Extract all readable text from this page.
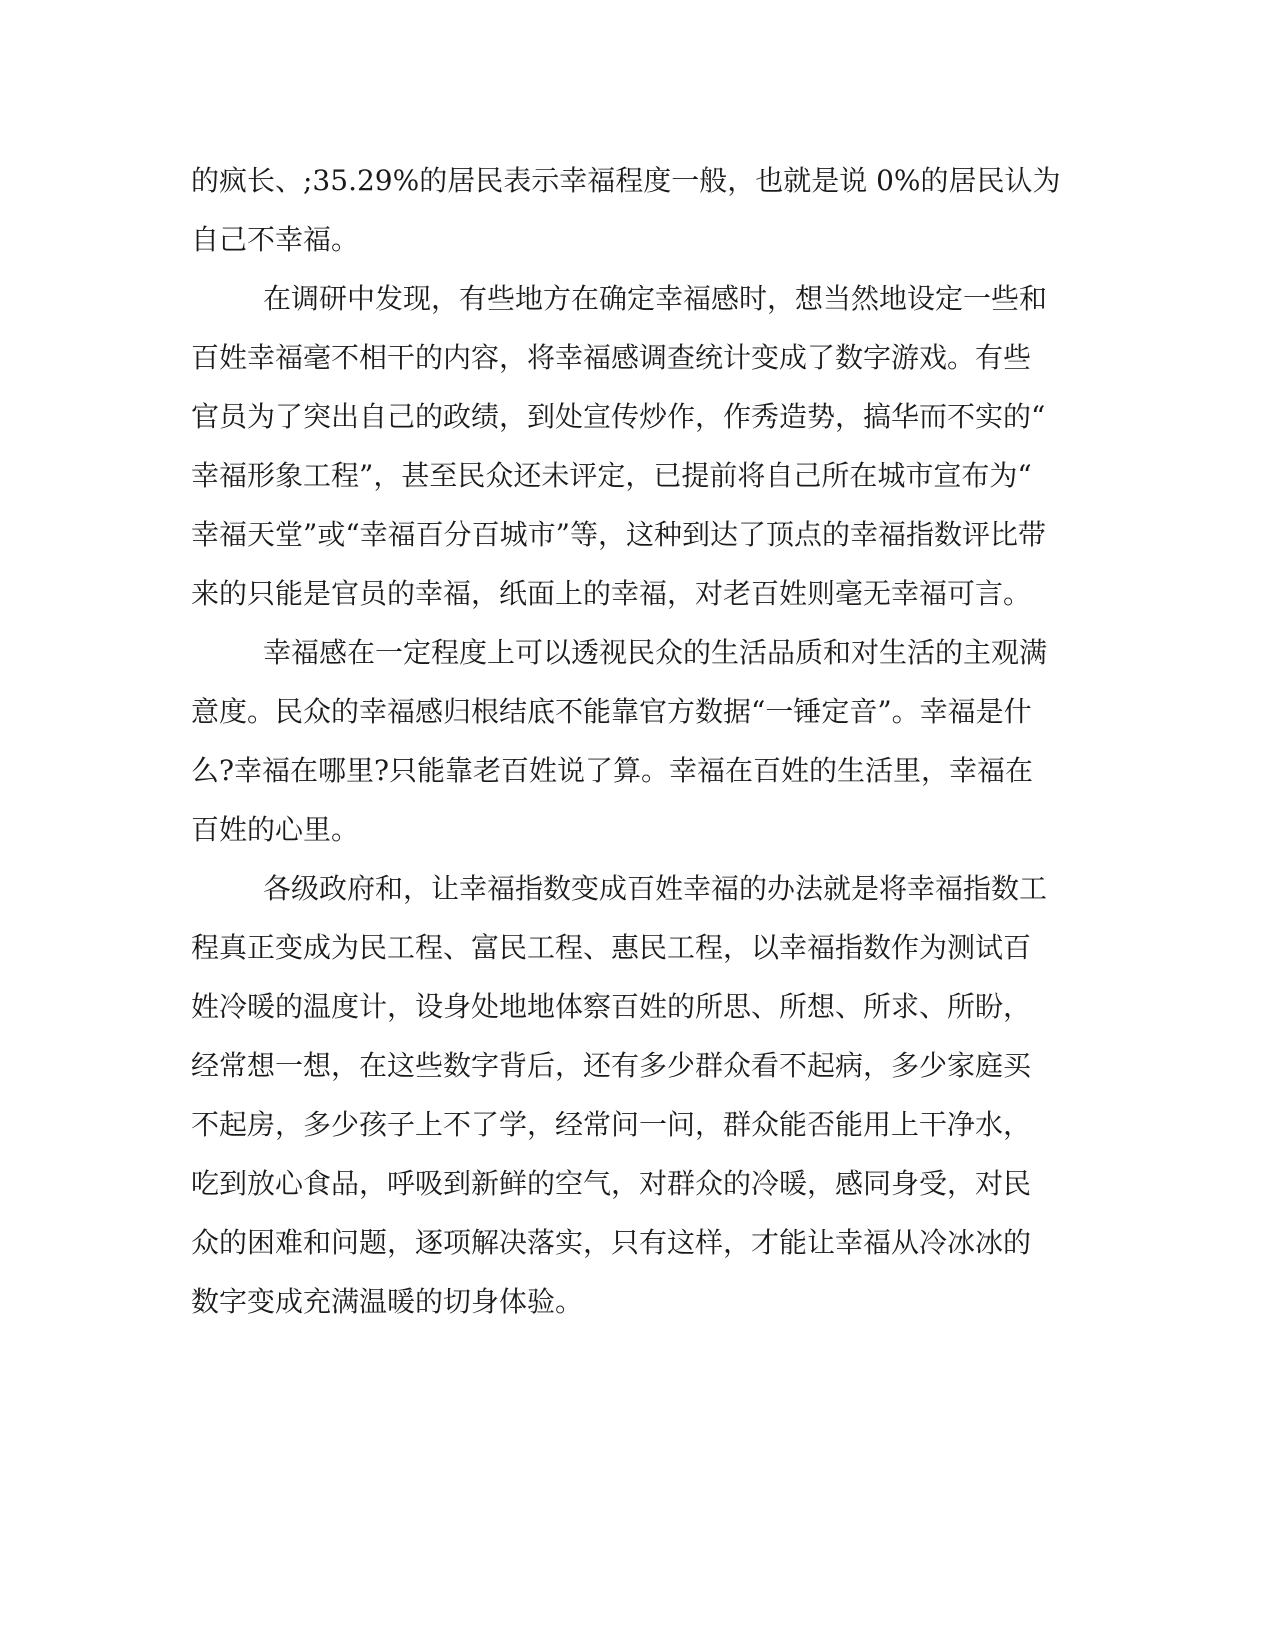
的疯长、;35.29%的居民表示幸福程度一般，也就是说 0%的居民认为
自己不幸福。
在调研中发现，有些地方在确定幸福感时，想当然地设定一些和
百姓幸福毫不相干的内容，将幸福感调查统计变成了数字游戏。有些
官员为了突出自己的政绩，到处宣传炒作，作秀造势，搞华而不实的“
幸福形象工程”，甚至民众还未评定，已提前将自己所在城市宣布为“
幸福天堂”或“幸福百分百城市”等，这种到达了顶点的幸福指数评比带
来的只能是官员的幸福，纸面上的幸福，对老百姓则毫无幸福可言。
幸福感在一定程度上可以透视民众的生活品质和对生活的主观满
意度。民众的幸福感归根结底不能靠官方数据“一锤定音”。幸福是什
么?幸福在哪里?只能靠老百姓说了算。幸福在百姓的生活里，幸福在
百姓的心里。
各级政府和，让幸福指数变成百姓幸福的办法就是将幸福指数工
程真正变成为民工程、富民工程、惠民工程，以幸福指数作为测试百
姓冷暖的温度计，设身处地地体察百姓的所思、所想、所求、所盼，
经常想一想，在这些数字背后，还有多少群众看不起病，多少家庭买
不起房，多少孩子上不了学，经常问一问，群众能否能用上干净水，
吃到放心食品，呼吸到新鲜的空气，对群众的冷暖，感同身受，对民
众的困难和问题，逐项解决落实，只有这样，才能让幸福从冷冰冰的
数字变成充满温暖的切身体验。
